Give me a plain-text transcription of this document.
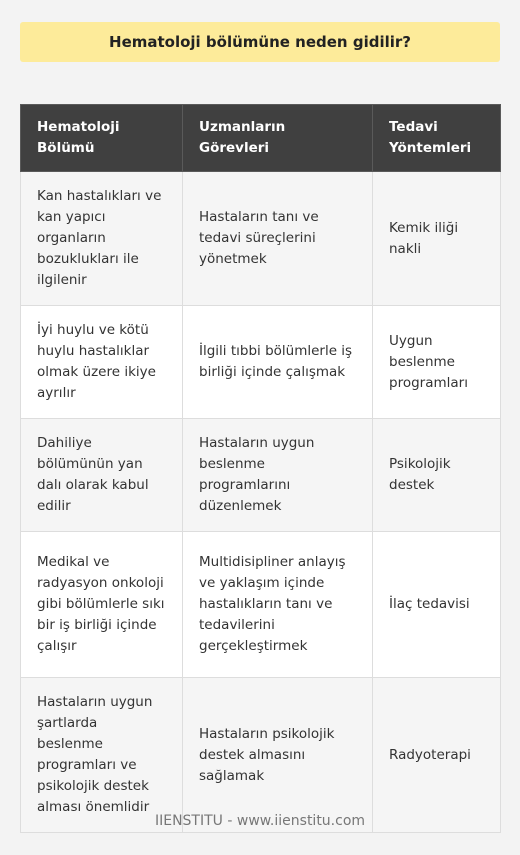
Hematoloji bölümüne neden gidilir?
Hematoloji Bölümü	Uzmanların Görevleri	Tedavi Yöntemleri
Kan hastalıkları ve kan yapıcı organların bozuklukları ile ilgilenir	Hastaların tanı ve tedavi süreçlerini yönetmek	Kemik iliği nakli
İyi huylu ve kötü huylu hastalıklar olmak üzere ikiye ayrılır	İlgili tıbbi bölümlerle iş birliği içinde çalışmak	Uygun beslenme programları
Dahiliye bölümünün yan dalı olarak kabul edilir	Hastaların uygun beslenme programlarını düzenlemek	Psikolojik destek
Medikal ve radyasyon onkoloji gibi bölümlerle sıkı bir iş birliği içinde çalışır	Multidisipliner anlayış ve yaklaşım içinde hastalıkların tanı ve tedavilerini gerçekleştirmek	İlaç tedavisi
Hastaların uygun şartlarda beslenme programları ve psikolojik destek alması önemlidir	Hastaların psikolojik destek almasını sağlamak	Radyoterapi
IIENSTITU - www.iienstitu.com
